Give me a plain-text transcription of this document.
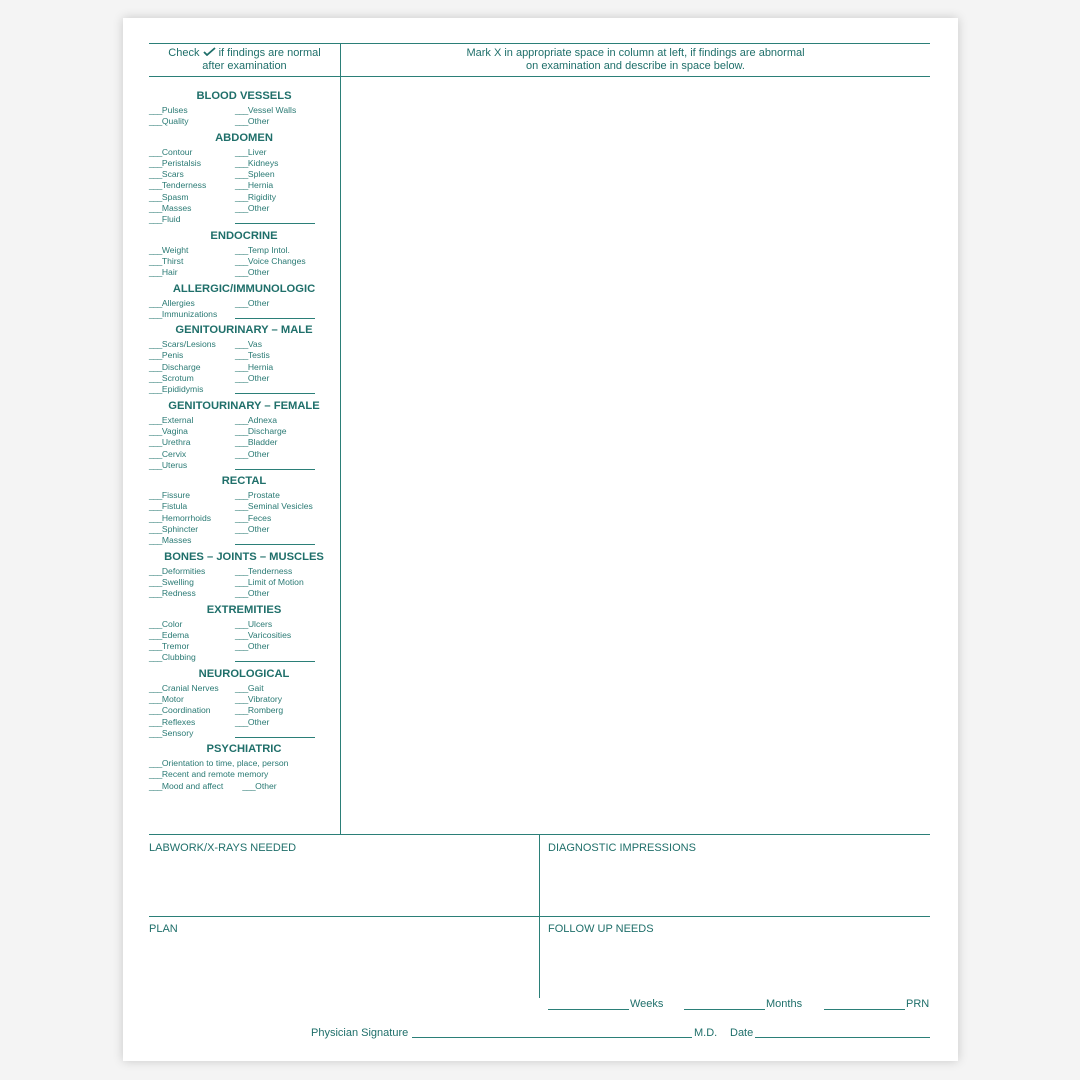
Check if findings are normal
after examination
Mark X in appropriate space in column at left, if findings are abnormal
on examination and describe in space below.
BLOOD VESSELS
___Pulses	___Vessel Walls
___Quality	___Other
ABDOMEN
___Contour	___Liver
___Peristalsis	___Kidneys
___Scars	___Spleen
___Tenderness	___Hernia
___Spasm	___Rigidity
___Masses	___Other
___Fluid
ENDOCRINE
___Weight	___Temp Intol.
___Thirst	___Voice Changes
___Hair	___Other
ALLERGIC/IMMUNOLOGIC
___Allergies	___Other
___Immunizations
GENITOURINARY – MALE
___Scars/Lesions	___Vas
___Penis	___Testis
___Discharge	___Hernia
___Scrotum	___Other
___Epididymis
GENITOURINARY – FEMALE
___External	___Adnexa
___Vagina	___Discharge
___Urethra	___Bladder
___Cervix	___Other
___Uterus
RECTAL
___Fissure	___Prostate
___Fistula	___Seminal Vesicles
___Hemorrhoids	___Feces
___Sphincter	___Other
___Masses
BONES – JOINTS – MUSCLES
___Deformities	___Tenderness
___Swelling	___Limit of Motion
___Redness	___Other
EXTREMITIES
___Color	___Ulcers
___Edema	___Varicosities
___Tremor	___Other
___Clubbing
NEUROLOGICAL
___Cranial Nerves	___Gait
___Motor	___Vibratory
___Coordination	___Romberg
___Reflexes	___Other
___Sensory
PSYCHIATRIC
___Orientation to time, place, person
___Recent and remote memory
___Mood and affect ___Other
LABWORK/X-RAYS NEEDED	DIAGNOSTIC IMPRESSIONS
PLAN	FOLLOW UP NEEDS
Weeks	Months	PRN
Physician Signature	M.D. Date
